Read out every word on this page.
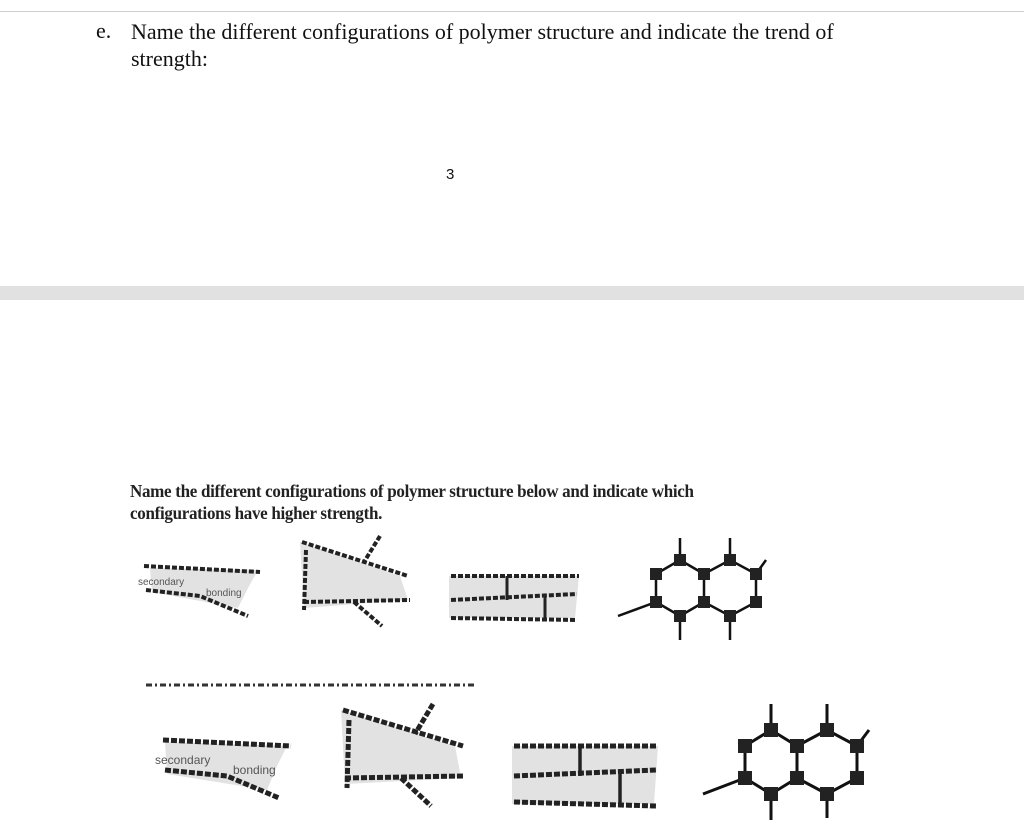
e. Name the different configurations of polymer structure and indicate the trend of strength:
3
Name the different configurations of polymer structure below and indicate which configurations have higher strength.
secondary
bonding
secondary
bonding
